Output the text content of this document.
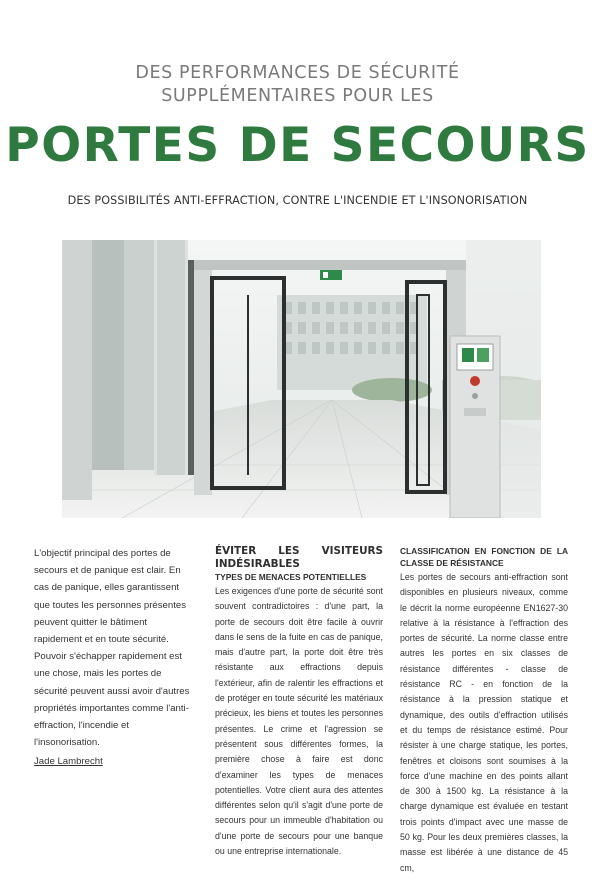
DES PERFORMANCES DE SÉCURITÉ
SUPPLÉMENTAIRES POUR LES
PORTES DE SECOURS
DES POSSIBILITÉS ANTI-EFFRACTION, CONTRE L'INCENDIE ET L'INSONORISATION

L'objectif principal des portes de secours et de panique est clair. En cas de panique, elles garantissent que toutes les personnes présentes peuvent quitter le bâtiment rapidement et en toute sécurité. Pouvoir s'échapper rapidement est une chose, mais les portes de sécurité peuvent aussi avoir d'autres propriétés importantes comme l'anti-effraction, l'incendie et l'insonorisation.

Jade Lambrecht
ÉVITER LES VISITEURS INDÉSIRABLES
TYPES DE MENACES POTENTIELLES

Les exigences d'une porte de sécurité sont souvent contradictoires : d'une part, la porte de secours doit être facile à ouvrir dans le sens de la fuite en cas de panique, mais d'autre part, la porte doit être très résistante aux effractions depuis l'extérieur, afin de ralentir les effractions et de protéger en toute sécurité les matériaux précieux, les biens et toutes les personnes présentes. Le crime et l'agression se présentent sous différentes formes, la première chose à faire est donc d'examiner les types de menaces potentielles. Votre client aura des attentes différentes selon qu'il s'agit d'une porte de secours pour un immeuble d'habitation ou d'une porte de secours pour une banque ou une entreprise internationale.

CLASSIFICATION EN FONCTION DE LA CLASSE DE RÉSISTANCE

Les portes de secours anti-effraction sont disponibles en plusieurs niveaux, comme le décrit la norme européenne EN1627-30 relative à la résistance à l'effraction des portes de sécurité. La norme classe entre autres les portes en six classes de résistance différentes - classe de résistance RC - en fonction de la résistance à la pression statique et dynamique, des outils d'effraction utilisés et du temps de résistance estimé. Pour résister à une charge statique, les portes, fenêtres et cloisons sont soumises à la force d'une machine en des points allant de 300 à 1500 kg. La résistance à la charge dynamique est évaluée en testant trois points d'impact avec une masse de 50 kg. Pour les deux premières classes, la masse est libérée à une distance de 45 cm,
